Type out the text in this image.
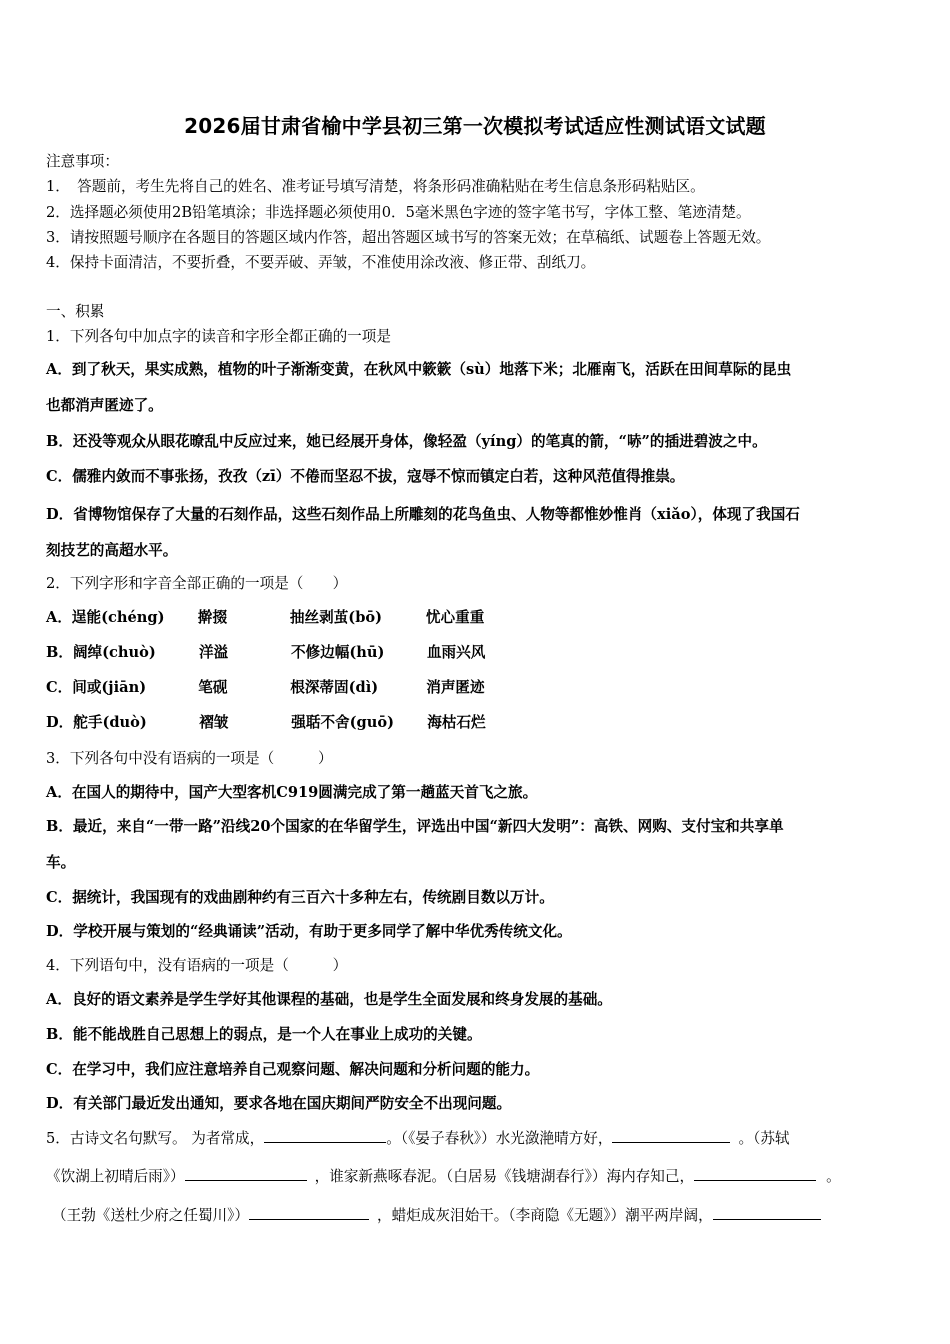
2026届甘肃省榆中学县初三第一次模拟考试适应性测试语文试题
注意事项：
1．　答题前，考生先将自己的姓名、准考证号填写清楚，将条形码准确粘贴在考生信息条形码粘贴区。
2．选择题必须使用2B铅笔填涂；非选择题必须使用0．5毫米黑色字迹的签字笔书写，字体工整、笔迹清楚。
3．请按照题号顺序在各题目的答题区域内作答，超出答题区域书写的答案无效；在草稿纸、试题卷上答题无效。
4．保持卡面清洁，不要折叠，不要弄破、弄皱，不准使用涂改液、修正带、刮纸刀。
一、积累
1．下列各句中加点字的读音和字形全都正确的一项是
A．到了秋天，果实成熟，植物的叶子渐渐变黄，在秋风中簌簌（sù）地落下米；北雁南飞，活跃在田间草际的昆虫
也都消声匿迹了。
B．还没等观众从眼花暸乱中反应过来，她已经展开身体，像轻盈（yíng）的笔真的箭，“哧”的插进碧波之中。
C．儒雅内敛而不事张扬，孜孜（zī）不倦而坚忍不拔，寇辱不惊而镇定白若，这种风范值得推祟。
D．省博物馆保存了大量的石刻作品，这些石刻作品上所雕刻的花鸟鱼虫、人物等都惟妙惟肖（xiǎo），体现了我国石
刻技艺的高超水平。
2．下列字形和字音全部正确的一项是（　　）
A．逞能(chéng) 擀掇	抽丝剥茧(bō)	忧心重重
B．阔绰(chuò)	洋溢	不修边幅(hū)	血雨兴风
C．间或(jiān)	笔砚	根深蒂固(dì)	消声匿迹
D．舵手(duò)	褶皱	强聒不舍(guō) 海枯石烂
3．下列各句中没有语病的一项是（　　　）
A．在国人的期待中，国产大型客机C919圆满完成了第一趟蓝天首飞之旅。
B．最近，来自“一带一路”沿线20个国家的在华留学生，评选出中国“新四大发明”：高铁、网购、支付宝和共享单
车。
C．据统计，我国现有的戏曲剧种约有三百六十多种左右，传统剧目数以万计。
D．学校开展与策划的“经典诵读”活动，有助于更多同学了解中华优秀传统文化。
4．下列语句中，没有语病的一项是（　　　）
A．良好的语文素养是学生学好其他课程的基础，也是学生全面发展和终身发展的基础。
B．能不能战胜自己思想上的弱点，是一个人在事业上成功的关键。
C．在学习中，我们应注意培养自己观察问题、解决问题和分析问题的能力。
D．有关部门最近发出通知，要求各地在国庆期间严防安全不出现问题。
5．古诗文名句默写。 为者常成，	。（《晏子春秋》）水光潋滟晴方好，	。（苏轼
《饮湖上初晴后雨》）	，谁家新燕啄春泥。（白居易《钱塘湖春行》）海内存知己，	。
（王勃《送杜少府之任蜀川》）	，蜡炬成灰泪始干。（李商隐《无题》）潮平两岸阔，
